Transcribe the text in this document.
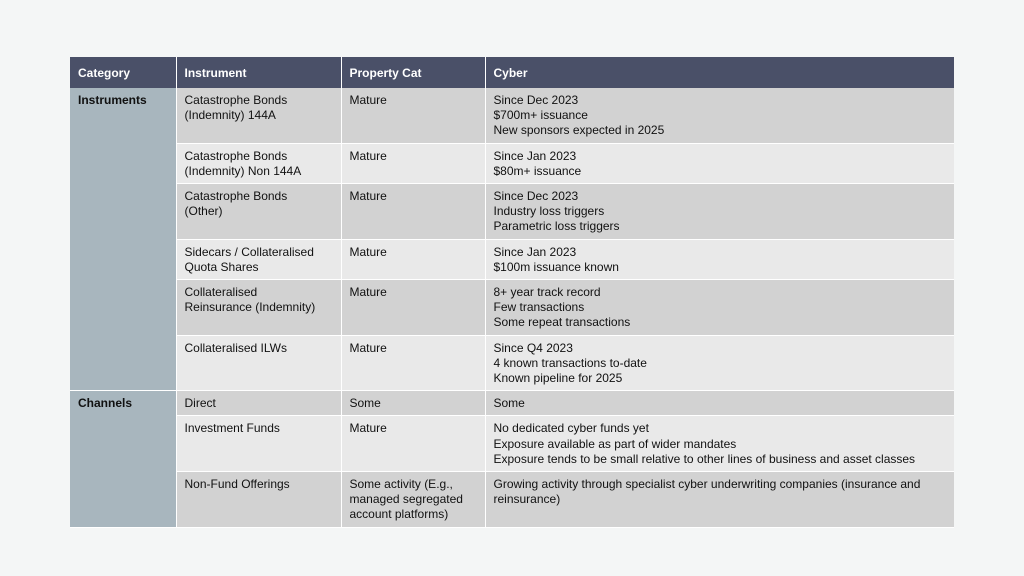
Category	Instrument	Property Cat	Cyber
Instruments	Catastrophe Bonds
(Indemnity) 144A	Mature	Since Dec 2023
$700m+ issuance
New sponsors expected in 2025

	Catastrophe Bonds
(Indemnity) Non 144A	Mature	Since Jan 2023
$80m+ issuance

	Catastrophe Bonds
(Other)	Mature	Since Dec 2023
Industry loss triggers
Parametric loss triggers

	Sidecars / Collateralised
Quota Shares	Mature	Since Jan 2023
$100m issuance known

	Collateralised
Reinsurance (Indemnity)	Mature	8+ year track record
Few transactions
Some repeat transactions

	Collateralised ILWs	Mature	Since Q4 2023
4 known transactions to-date
Known pipeline for 2025

Channels	Direct	Some	Some

	Investment Funds	Mature	No dedicated cyber funds yet
Exposure available as part of wider mandates
Exposure tends to be small relative to other lines of business and asset classes

	Non-Fund Offerings	Some activity (E.g.,
managed segregated
account platforms)	Growing activity through specialist cyber underwriting companies (insurance and reinsurance)
